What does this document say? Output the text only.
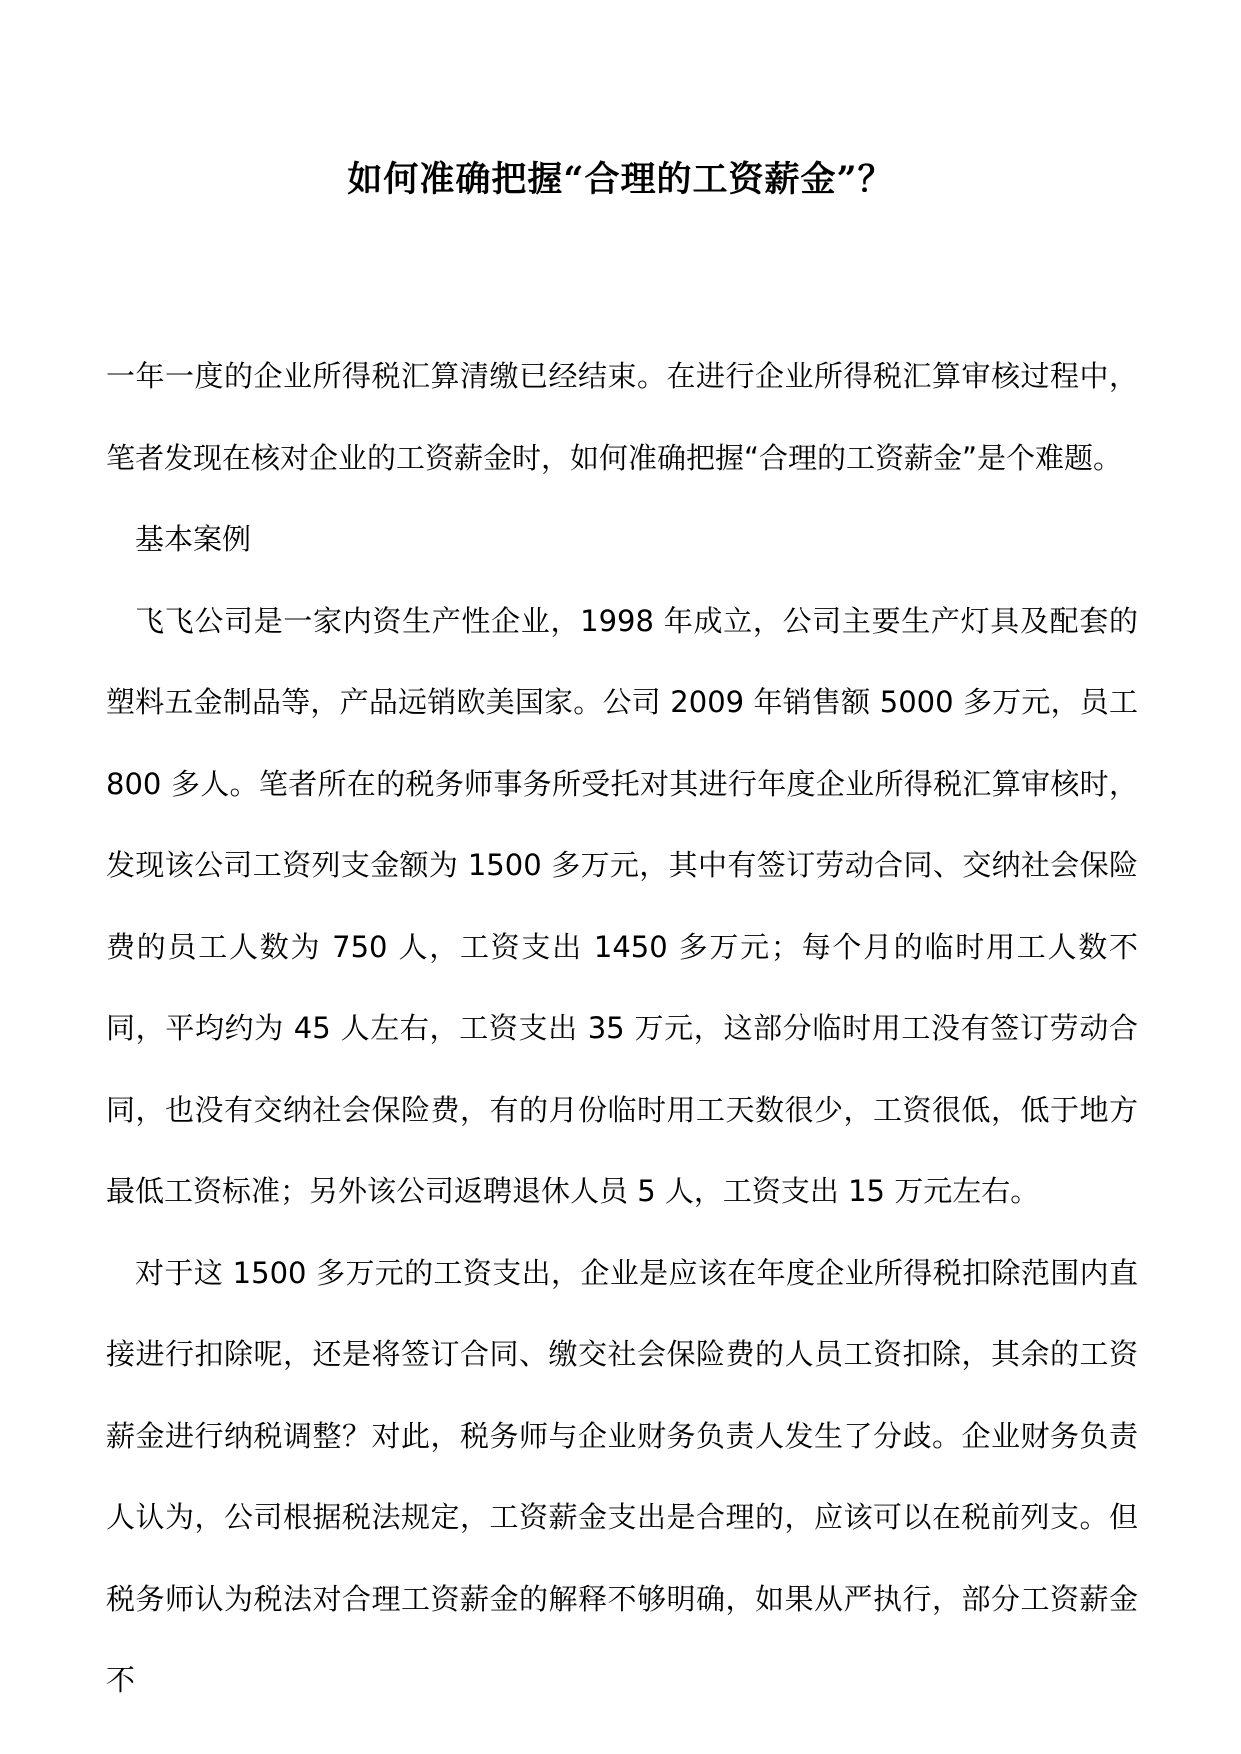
如何准确把握“合理的工资薪金”？

一年一度的企业所得税汇算清缴已经结束。在进行企业所得税汇算审核过程中，笔者发现在核对企业的工资薪金时，如何准确把握“合理的工资薪金”是个难题。

基本案例

飞飞公司是一家内资生产性企业，1998 年成立，公司主要生产灯具及配套的塑料五金制品等，产品远销欧美国家。公司 2009 年销售额 5000 多万元，员工 800 多人。笔者所在的税务师事务所受托对其进行年度企业所得税汇算审核时，发现该公司工资列支金额为 1500 多万元，其中有签订劳动合同、交纳社会保险费的员工人数为 750 人，工资支出 1450 多万元；每个月的临时用工人数不同，平均约为 45 人左右，工资支出 35 万元，这部分临时用工没有签订劳动合同，也没有交纳社会保险费，有的月份临时用工天数很少，工资很低，低于地方最低工资标准；另外该公司返聘退休人员 5 人，工资支出 15 万元左右。

对于这 1500 多万元的工资支出，企业是应该在年度企业所得税扣除范围内直接进行扣除呢，还是将签订合同、缴交社会保险费的人员工资扣除，其余的工资薪金进行纳税调整？对此，税务师与企业财务负责人发生了分歧。企业财务负责人认为，公司根据税法规定，工资薪金支出是合理的，应该可以在税前列支。但税务师认为税法对合理工资薪金的解释不够明确，如果从严执行，部分工资薪金不
